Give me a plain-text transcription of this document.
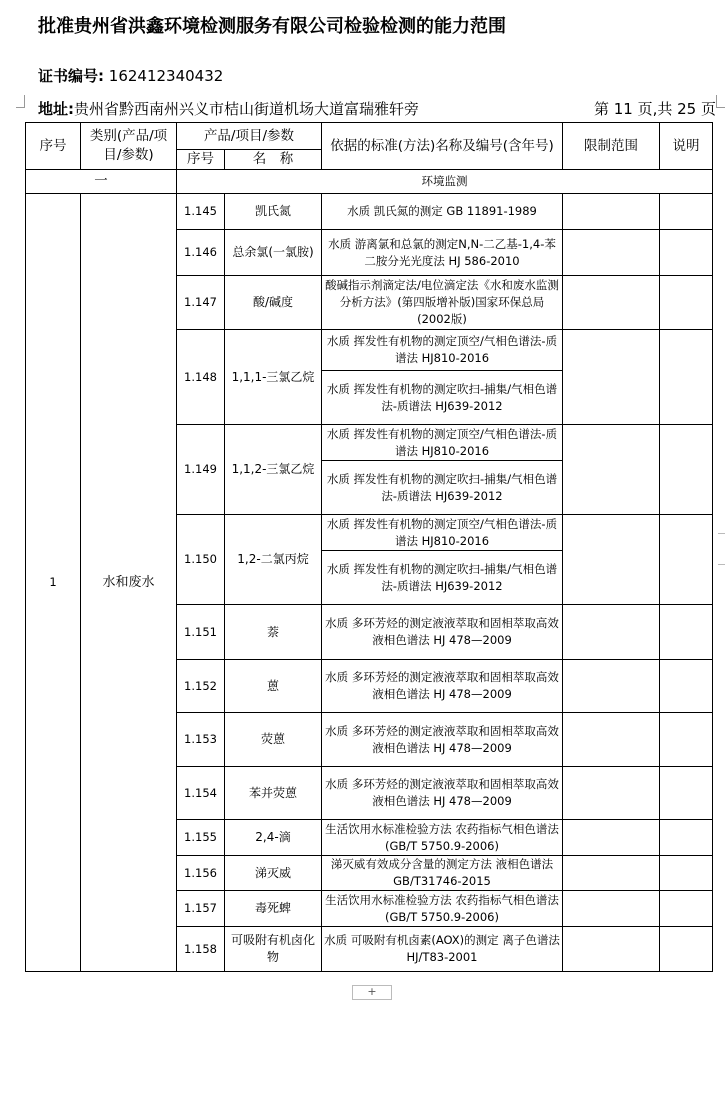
批准贵州省洪鑫环境检测服务有限公司检验检测的能力范围
证书编号: 162412340432
地址:贵州省黔西南州兴义市桔山街道机场大道富瑞雅轩旁	第 11 页,共 25 页
序号	类别(产品/项目/参数)	产品/项目/参数		依据的标准(方法)名称及编号(含年号)	限制范围	说明
		序号	名　称			
一		环境监测				
1	水和废水	1.145	凯氏氮	水质 凯氏氮的测定 GB 11891-1989		
		1.146	总余氯(一氯胺)	水质 游离氯和总氯的测定N,N-二乙基-1,4-苯二胺分光光度法 HJ 586-2010		
		1.147	酸/碱度	酸碱指示剂滴定法/电位滴定法《水和废水监测分析方法》(第四版增补版)国家环保总局 (2002版)		
		1.148	1,1,1-三氯乙烷	水质 挥发性有机物的测定顶空/气相色谱法-质谱法 HJ810-2016		
				水质 挥发性有机物的测定吹扫-捕集/气相色谱法-质谱法 HJ639-2012		
		1.149	1,1,2-三氯乙烷	水质 挥发性有机物的测定顶空/气相色谱法-质谱法 HJ810-2016		
				水质 挥发性有机物的测定吹扫-捕集/气相色谱法-质谱法 HJ639-2012		
		1.150	1,2-二氯丙烷	水质 挥发性有机物的测定顶空/气相色谱法-质谱法 HJ810-2016		
				水质 挥发性有机物的测定吹扫-捕集/气相色谱法-质谱法 HJ639-2012		
		1.151	萘	水质 多环芳烃的测定液液萃取和固相萃取高效液相色谱法 HJ 478—2009		
		1.152	蒽	水质 多环芳烃的测定液液萃取和固相萃取高效液相色谱法 HJ 478—2009		
		1.153	荧蒽	水质 多环芳烃的测定液液萃取和固相萃取高效液相色谱法 HJ 478—2009		
		1.154	苯并荧蒽	水质 多环芳烃的测定液液萃取和固相萃取高效液相色谱法 HJ 478—2009		
		1.155	2,4-滴	生活饮用水标准检验方法 农药指标气相色谱法(GB/T 5750.9-2006)		
		1.156	涕灭威	涕灭威有效成分含量的测定方法 液相色谱法 GB/T31746-2015		
		1.157	毒死蜱	生活饮用水标准检验方法 农药指标气相色谱法(GB/T 5750.9-2006)		
		1.158	可吸附有机卤化物	水质 可吸附有机卤素(AOX)的测定 离子色谱法 HJ/T83-2001		
+
